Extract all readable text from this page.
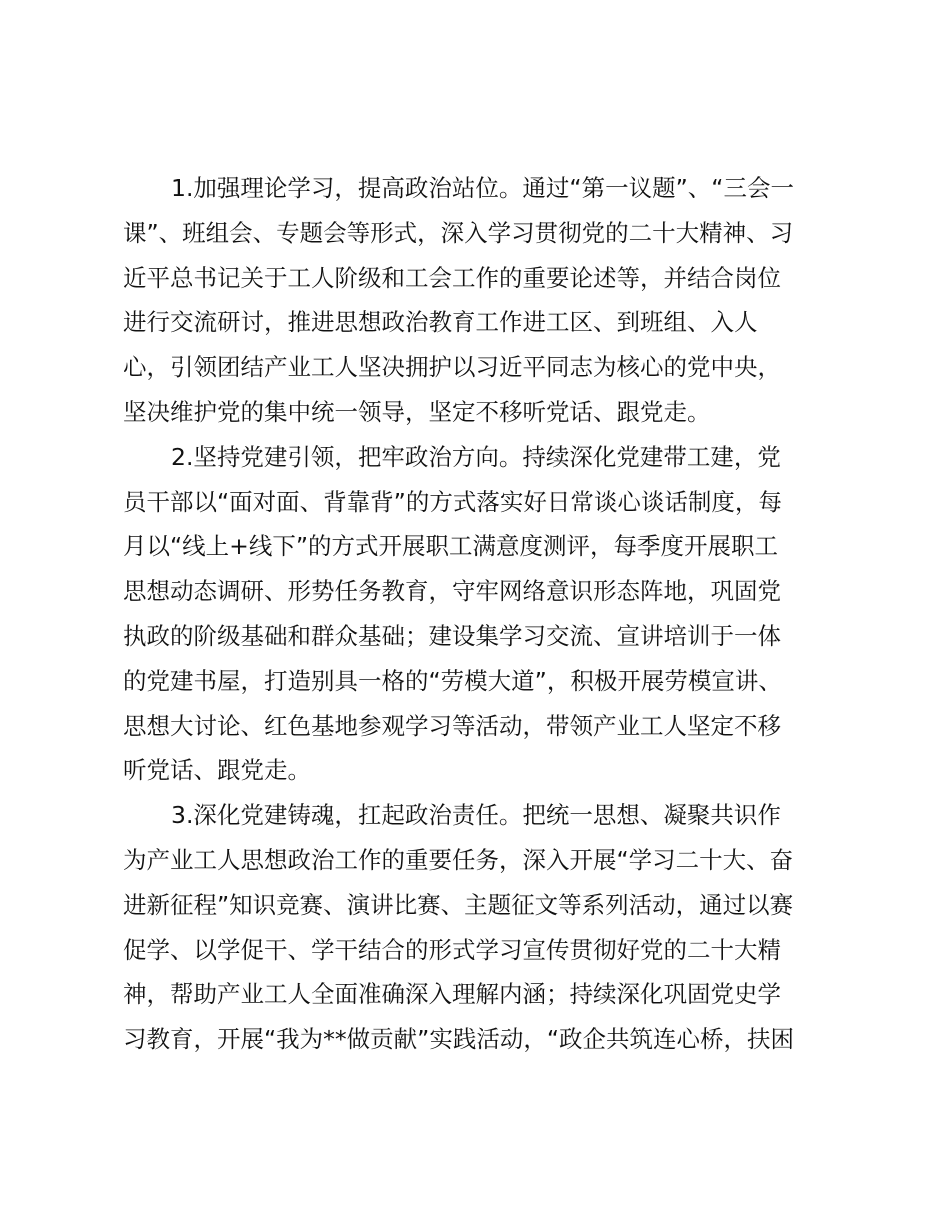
1.加强理论学习，提高政治站位。通过“第一议题”、“三会一
课”、班组会、专题会等形式，深入学习贯彻党的二十大精神、习
近平总书记关于工人阶级和工会工作的重要论述等，并结合岗位
进行交流研讨，推进思想政治教育工作进工区、到班组、入人
心，引领团结产业工人坚决拥护以习近平同志为核心的党中央，
坚决维护党的集中统一领导，坚定不移听党话、跟党走。
2.坚持党建引领，把牢政治方向。持续深化党建带工建，党
员干部以“面对面、背靠背”的方式落实好日常谈心谈话制度，每
月以“线上+线下”的方式开展职工满意度测评，每季度开展职工
思想动态调研、形势任务教育，守牢网络意识形态阵地，巩固党
执政的阶级基础和群众基础；建设集学习交流、宣讲培训于一体
的党建书屋，打造别具一格的“劳模大道”，积极开展劳模宣讲、
思想大讨论、红色基地参观学习等活动，带领产业工人坚定不移
听党话、跟党走。
3.深化党建铸魂，扛起政治责任。把统一思想、凝聚共识作
为产业工人思想政治工作的重要任务，深入开展“学习二十大、奋
进新征程”知识竞赛、演讲比赛、主题征文等系列活动，通过以赛
促学、以学促干、学干结合的形式学习宣传贯彻好党的二十大精
神，帮助产业工人全面准确深入理解内涵；持续深化巩固党史学
习教育，开展“我为**做贡献”实践活动，“政企共筑连心桥，扶困
